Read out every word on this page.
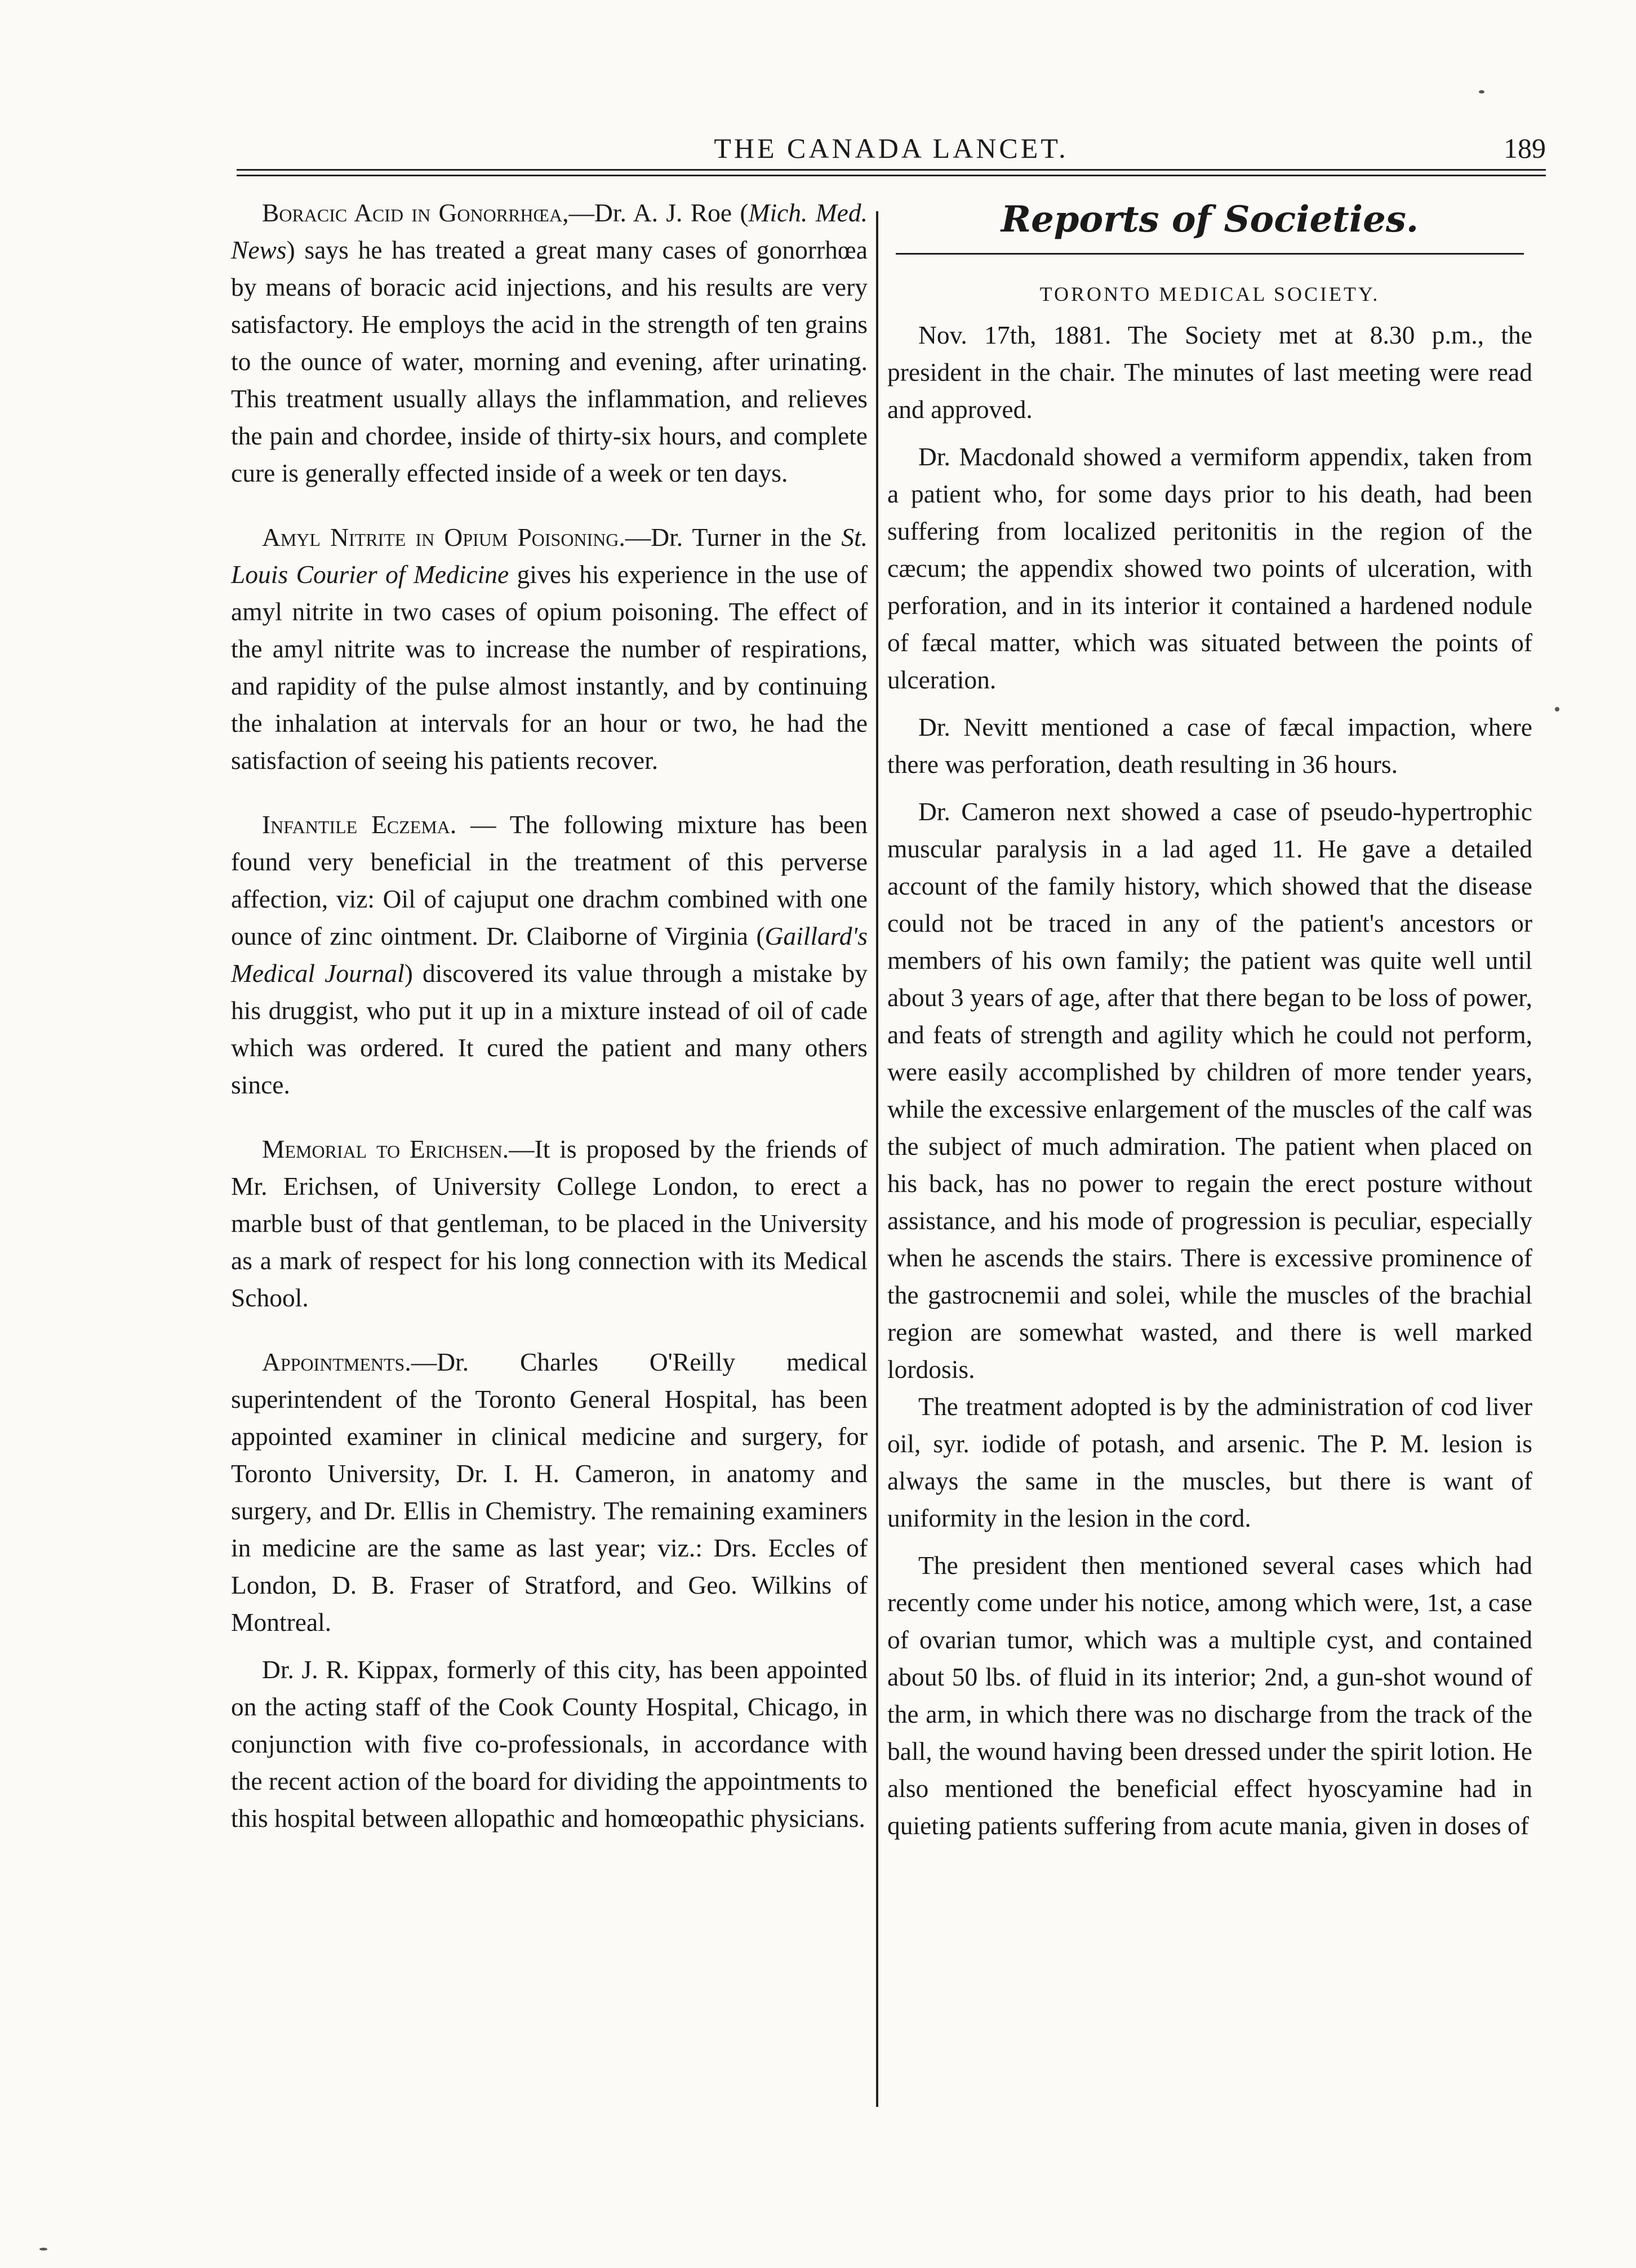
THE CANADA LANCET.	189

Boracic Acid in Gonorrhœa,—Dr. A. J. Roe (Mich. Med. News) says he has treated a great many cases of gonorrhœa by means of boracic acid injections, and his results are very satisfactory. He employs the acid in the strength of ten grains to the ounce of water, morning and evening, after urinating. This treatment usually allays the inflammation, and relieves the pain and chordee, inside of thirty-six hours, and complete cure is generally effected inside of a week or ten days.

Amyl Nitrite in Opium Poisoning.—Dr. Turner in the St. Louis Courier of Medicine gives his experience in the use of amyl nitrite in two cases of opium poisoning. The effect of the amyl nitrite was to increase the number of respirations, and rapidity of the pulse almost instantly, and by continuing the inhalation at intervals for an hour or two, he had the satisfaction of seeing his patients recover.

Infantile Eczema. — The following mixture has been found very beneficial in the treatment of this perverse affection, viz: Oil of cajuput one drachm combined with one ounce of zinc ointment. Dr. Claiborne of Virginia (Gaillard's Medical Journal) discovered its value through a mistake by his druggist, who put it up in a mixture instead of oil of cade which was ordered. It cured the patient and many others since.

Memorial to Erichsen.—It is proposed by the friends of Mr. Erichsen, of University College London, to erect a marble bust of that gentleman, to be placed in the University as a mark of respect for his long connection with its Medical School.

Appointments.—Dr. Charles O'Reilly medical superintendent of the Toronto General Hospital, has been appointed examiner in clinical medicine and surgery, for Toronto University, Dr. I. H. Cameron, in anatomy and surgery, and Dr. Ellis in Chemistry. The remaining examiners in medicine are the same as last year; viz.: Drs. Eccles of London, D. B. Fraser of Stratford, and Geo. Wilkins of Montreal.

Dr. J. R. Kippax, formerly of this city, has been appointed on the acting staff of the Cook County Hospital, Chicago, in conjunction with five co-professionals, in accordance with the recent action of the board for dividing the appointments to this hospital between allopathic and homœopathic physicians.

Reports of Societies.
TORONTO MEDICAL SOCIETY.

Nov. 17th, 1881. The Society met at 8.30 p.m., the president in the chair. The minutes of last meeting were read and approved.

Dr. Macdonald showed a vermiform appendix, taken from a patient who, for some days prior to his death, had been suffering from localized peritonitis in the region of the cæcum; the appendix showed two points of ulceration, with perforation, and in its interior it contained a hardened nodule of fæcal matter, which was situated between the points of ulceration.

Dr. Nevitt mentioned a case of fæcal impaction, where there was perforation, death resulting in 36 hours.

Dr. Cameron next showed a case of pseudo-hypertrophic muscular paralysis in a lad aged 11. He gave a detailed account of the family history, which showed that the disease could not be traced in any of the patient's ancestors or members of his own family; the patient was quite well until about 3 years of age, after that there began to be loss of power, and feats of strength and agility which he could not perform, were easily accomplished by children of more tender years, while the excessive enlargement of the muscles of the calf was the subject of much admiration. The patient when placed on his back, has no power to regain the erect posture without assistance, and his mode of progression is peculiar, especially when he ascends the stairs. There is excessive prominence of the gastrocnemii and solei, while the muscles of the brachial region are somewhat wasted, and there is well marked lordosis.

The treatment adopted is by the administration of cod liver oil, syr. iodide of potash, and arsenic. The P. M. lesion is always the same in the muscles, but there is want of uniformity in the lesion in the cord.

The president then mentioned several cases which had recently come under his notice, among which were, 1st, a case of ovarian tumor, which was a multiple cyst, and contained about 50 lbs. of fluid in its interior; 2nd, a gun-shot wound of the arm, in which there was no discharge from the track of the ball, the wound having been dressed under the spirit lotion. He also mentioned the beneficial effect hyoscyamine had in quieting patients suffering from acute mania, given in doses of
